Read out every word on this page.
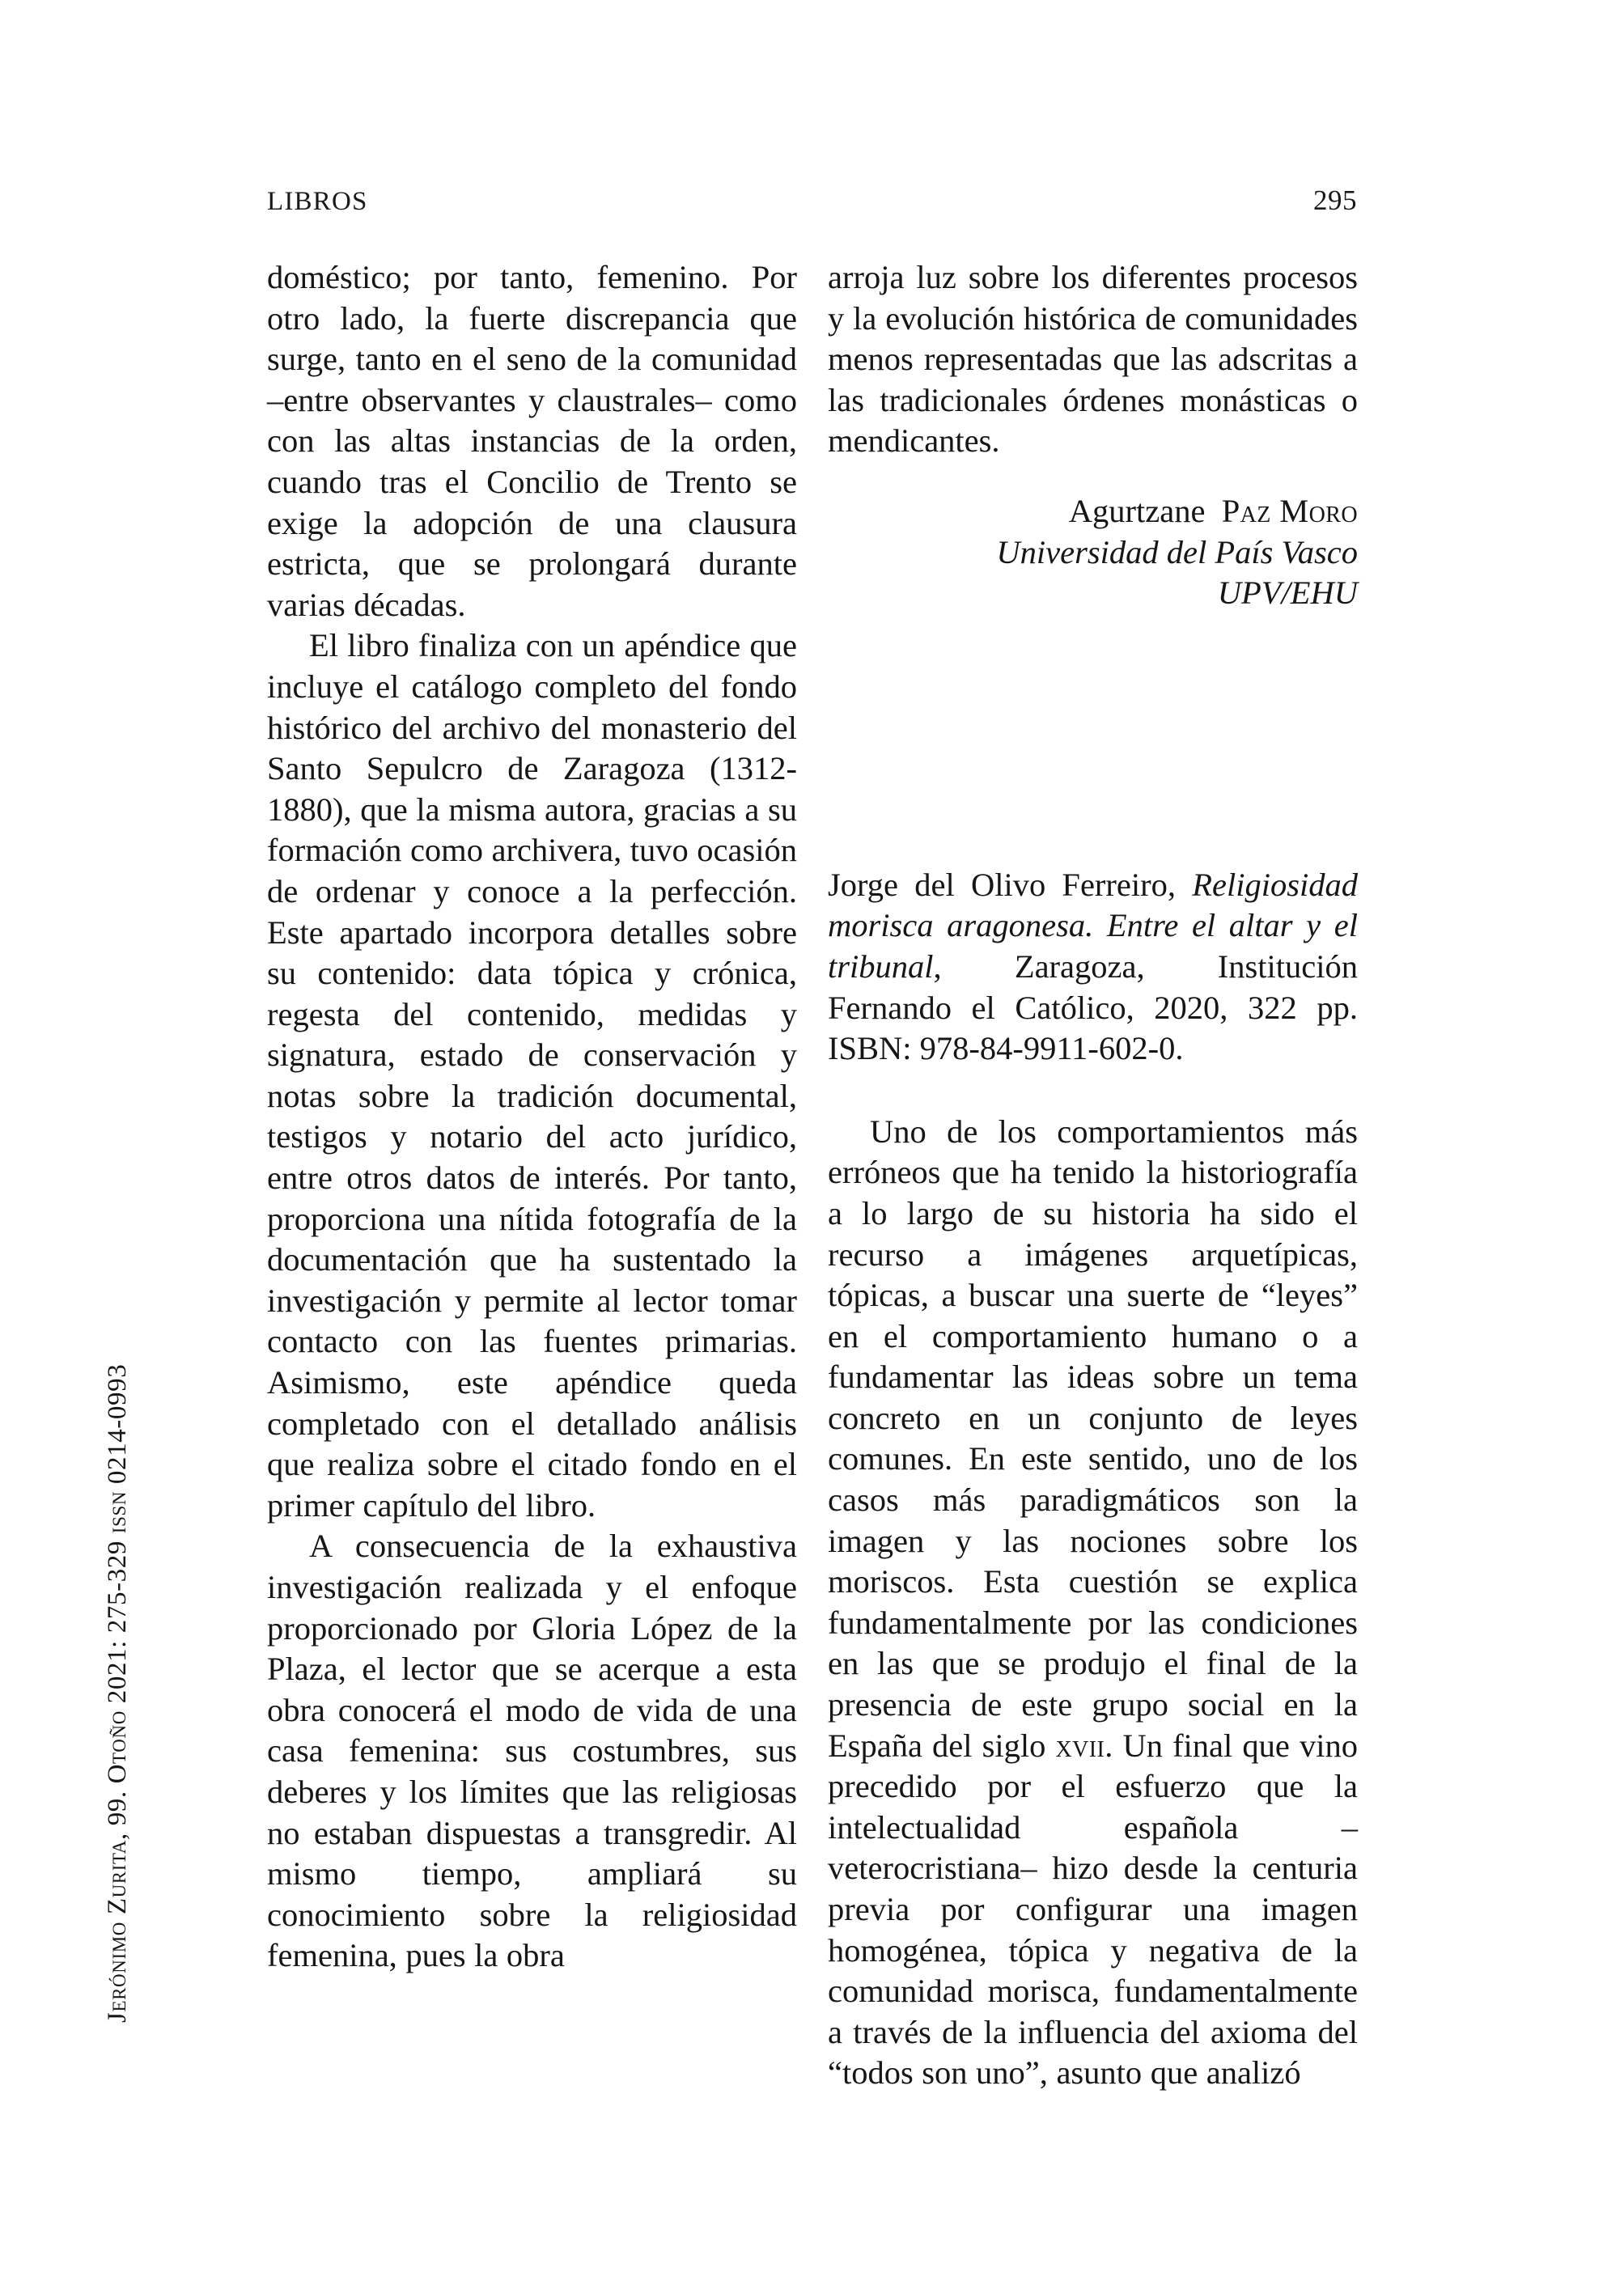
Jerónimo Zurita, 99. Otoño 2021: 275-329 issn 0214-0993
LIBROS	295

doméstico; por tanto, femenino. Por otro lado, la fuerte discrepancia que surge, tanto en el seno de la comunidad –entre observantes y claustrales– como con las altas instancias de la orden, cuando tras el Concilio de Trento se exige la adopción de una clausura estricta, que se prolongará durante varias décadas.

El libro finaliza con un apéndice que incluye el catálogo completo del fondo histórico del archivo del monasterio del Santo Sepulcro de Zaragoza (1312-1880), que la misma autora, gracias a su formación como archivera, tuvo ocasión de ordenar y conoce a la perfección. Este apartado incorpora detalles sobre su contenido: data tópica y crónica, regesta del contenido, medidas y signatura, estado de conservación y notas sobre la tradición documental, testigos y notario del acto jurídico, entre otros datos de interés. Por tanto, proporciona una nítida fotografía de la documentación que ha sustentado la investigación y permite al lector tomar contacto con las fuentes primarias. Asimismo, este apéndice queda completado con el detallado análisis que realiza sobre el citado fondo en el primer capítulo del libro.

A consecuencia de la exhaustiva investigación realizada y el enfoque proporcionado por Gloria López de la Plaza, el lector que se acerque a esta obra conocerá el modo de vida de una casa femenina: sus costumbres, sus deberes y los límites que las religiosas no estaban dispuestas a transgredir. Al mismo tiempo, ampliará su conocimiento sobre la religiosidad femenina, pues la obra

arroja luz sobre los diferentes procesos y la evolución histórica de comunidades menos representadas que las adscritas a las tradicionales órdenes monásticas o mendicantes.

Agurtzane Paz Moro
Universidad del País Vasco
UPV/EHU
Jorge del Olivo Ferreiro, Religiosidad morisca aragonesa. Entre el altar y el tribunal, Zaragoza, Institución Fernando el Católico, 2020, 322 pp. ISBN: 978-84-9911-602-0.

Uno de los comportamientos más erróneos que ha tenido la historiografía a lo largo de su historia ha sido el recurso a imágenes arquetípicas, tópicas, a buscar una suerte de “leyes” en el comportamiento humano o a fundamentar las ideas sobre un tema concreto en un conjunto de leyes comunes. En este sentido, uno de los casos más paradigmáticos son la imagen y las nociones sobre los moriscos. Esta cuestión se explica fundamentalmente por las condiciones en las que se produjo el final de la presencia de este grupo social en la España del siglo xvii. Un final que vino precedido por el esfuerzo que la intelectualidad española –veterocristiana– hizo desde la centuria previa por configurar una imagen homogénea, tópica y negativa de la comunidad morisca, fundamentalmente a través de la influencia del axioma del “todos son uno”, asunto que analizó
